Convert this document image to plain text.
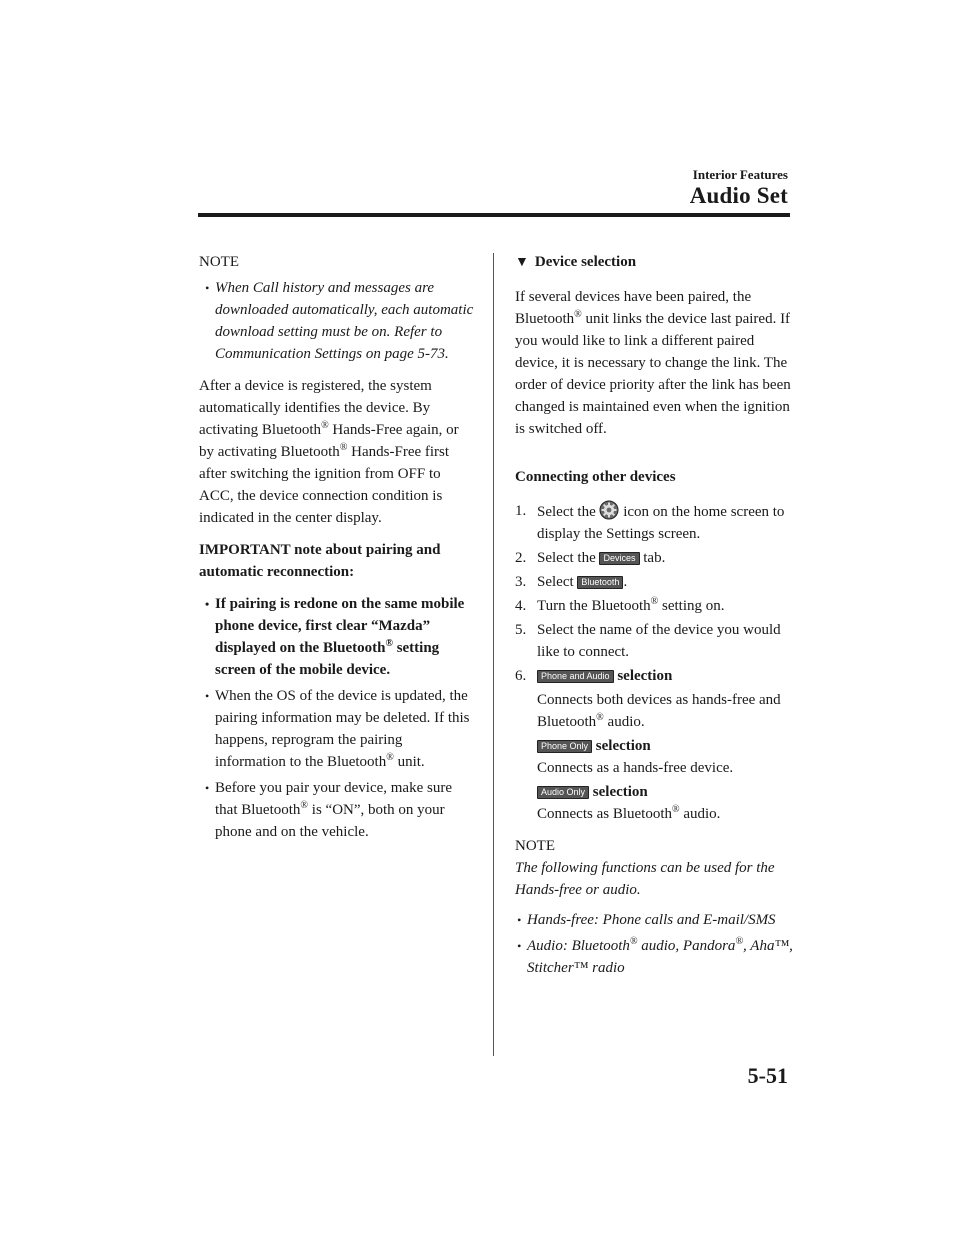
Interior Features
Audio Set
NOTE
• When Call history and messages are downloaded automatically, each automatic download setting must be on. Refer to Communication Settings on page 5-73.

After a device is registered, the system automatically identifies the device. By activating Bluetooth® Hands-Free again, or by activating Bluetooth® Hands-Free first after switching the ignition from OFF to ACC, the device connection condition is indicated in the center display.

IMPORTANT note about pairing and automatic reconnection:

• If pairing is redone on the same mobile phone device, first clear “Mazda” displayed on the Bluetooth® setting screen of the mobile device.
• When the OS of the device is updated, the pairing information may be deleted. If this happens, reprogram the pairing information to the Bluetooth® unit.
• Before you pair your device, make sure that Bluetooth® is “ON”, both on your phone and on the vehicle.
▼ Device selection

If several devices have been paired, the Bluetooth® unit links the device last paired. If you would like to link a different paired device, it is necessary to change the link. The order of device priority after the link has been changed is maintained even when the ignition is switched off.

Connecting other devices
1. Select the  icon on the home screen to display the Settings screen.
2. Select the Devices tab.
3. Select Bluetooth .
4. Turn the Bluetooth® setting on.
5. Select the name of the device you would like to connect.
6. Phone and Audio selection
Connects both devices as hands-free and Bluetooth® audio.
Phone Only selection
Connects as a hands-free device.
Audio Only selection
Connects as Bluetooth® audio.
NOTE
The following functions can be used for the Hands-free or audio.
• Hands-free: Phone calls and E-mail/SMS
• Audio: Bluetooth® audio, Pandora®, Aha™, Stitcher™ radio
5-51
